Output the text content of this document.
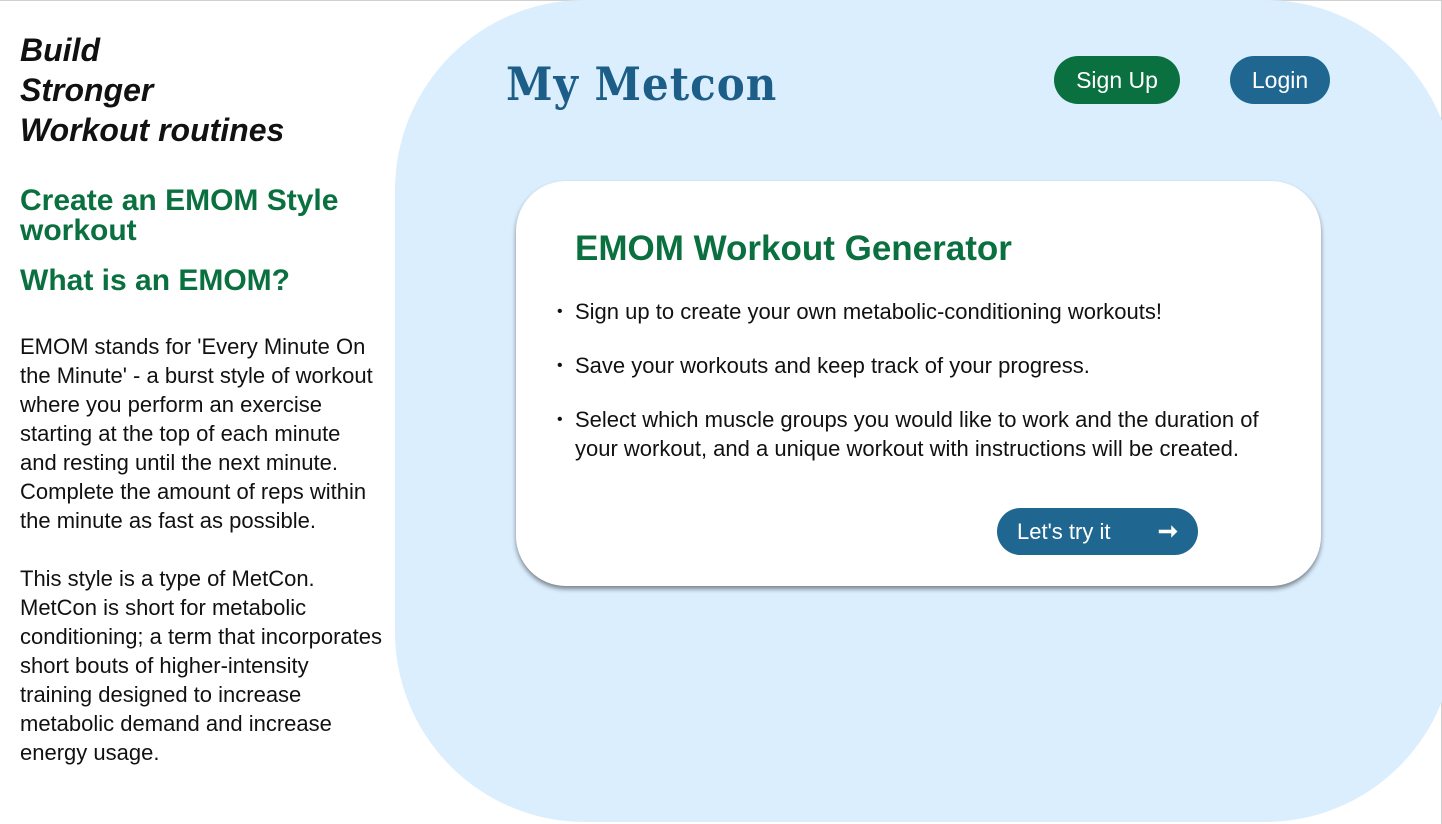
Build
Stronger
Workout routines
Create an EMOM Style workout
What is an EMOM?

EMOM stands for 'Every Minute On the Minute' - a burst style of workout where you perform an exercise starting at the top of each minute and resting until the next minute. Complete the amount of reps within the minute as fast as possible.

This style is a type of MetCon. MetCon is short for metabolic conditioning; a term that incorporates short bouts of higher-intensity training designed to increase metabolic demand and increase energy usage.

My Metcon	Sign Up	Login
EMOM Workout Generator
• Sign up to create your own metabolic-conditioning workouts!
• Save your workouts and keep track of your progress.
• Select which muscle groups you would like to work and the duration of your workout, and a unique workout with instructions will be created.
Let's try it ➞
